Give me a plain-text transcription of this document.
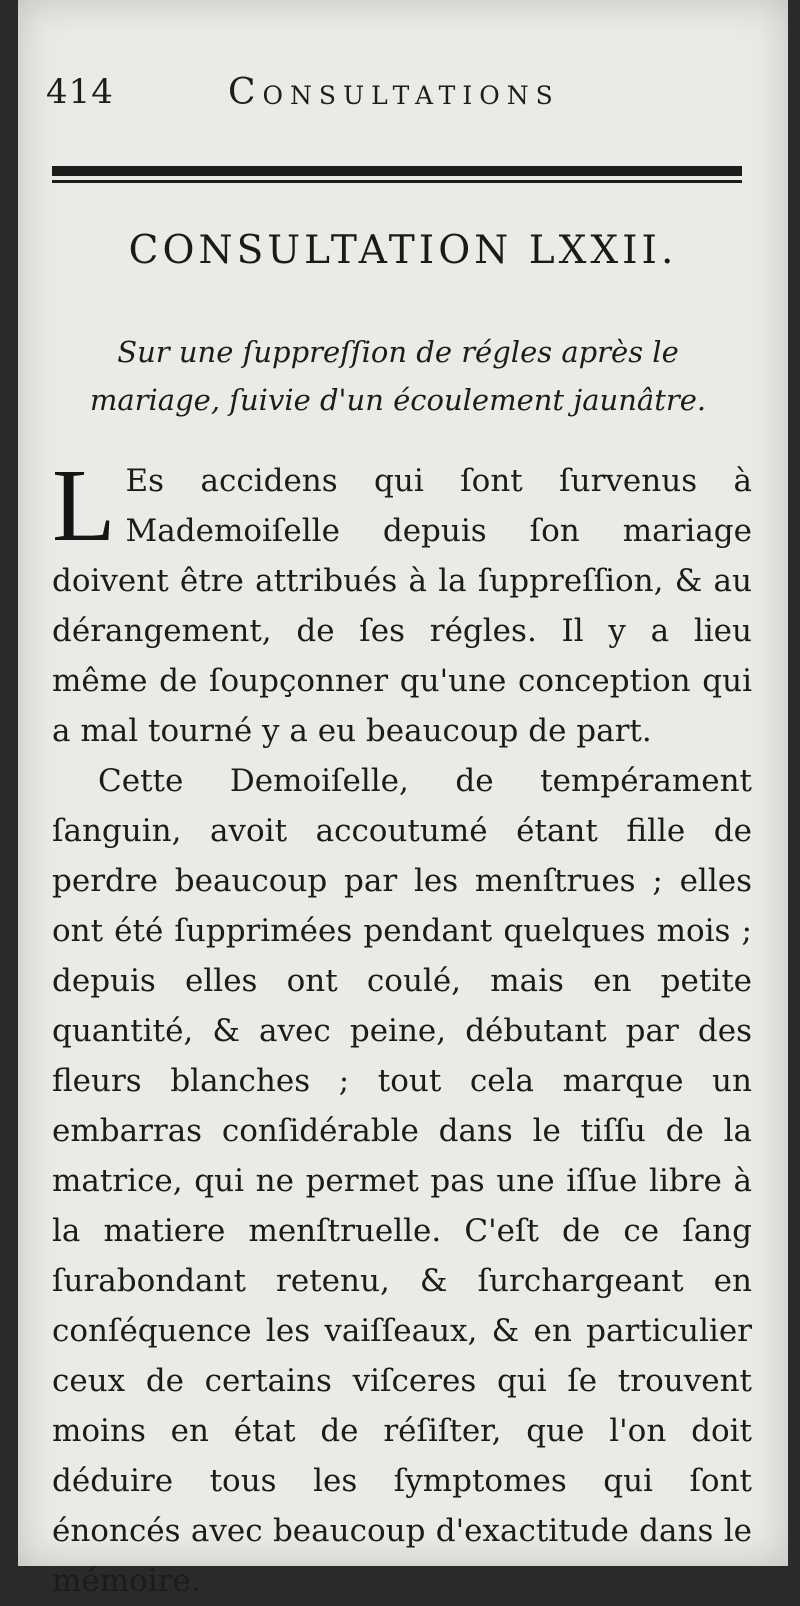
414	Consultations
CONSULTATION LXXII.
Sur une ſuppreſſion de régles après le mariage, ſuivie d'un écoulement jaunâtre.

L Es accidens qui ſont ſurvenus à Mademoiſelle depuis ſon mariage doivent être attribués à la ſuppreſſion, & au dérangement, de ſes régles. Il y a lieu même de ſoupçonner qu'une conception qui a mal tourné y a eu beaucoup de part.

Cette Demoiſelle, de tempérament ſanguin, avoit accoutumé étant fille de perdre beaucoup par les menſtrues ; elles ont été ſupprimées pendant quelques mois ; depuis elles ont coulé, mais en petite quantité, & avec peine, débutant par des fleurs blanches ; tout cela marque un embarras conſidérable dans le tiſſu de la matrice, qui ne permet pas une iſſue libre à la matiere menſtruelle. C'eſt de ce ſang ſurabondant retenu, & ſurchargeant en conſéquence les vaiſſeaux, & en particulier ceux de certains viſceres qui ſe trouvent moins en état de réſiſter, que l'on doit déduire tous les ſymptomes qui ſont énoncés avec beaucoup d'exactitude dans le mémoire.
